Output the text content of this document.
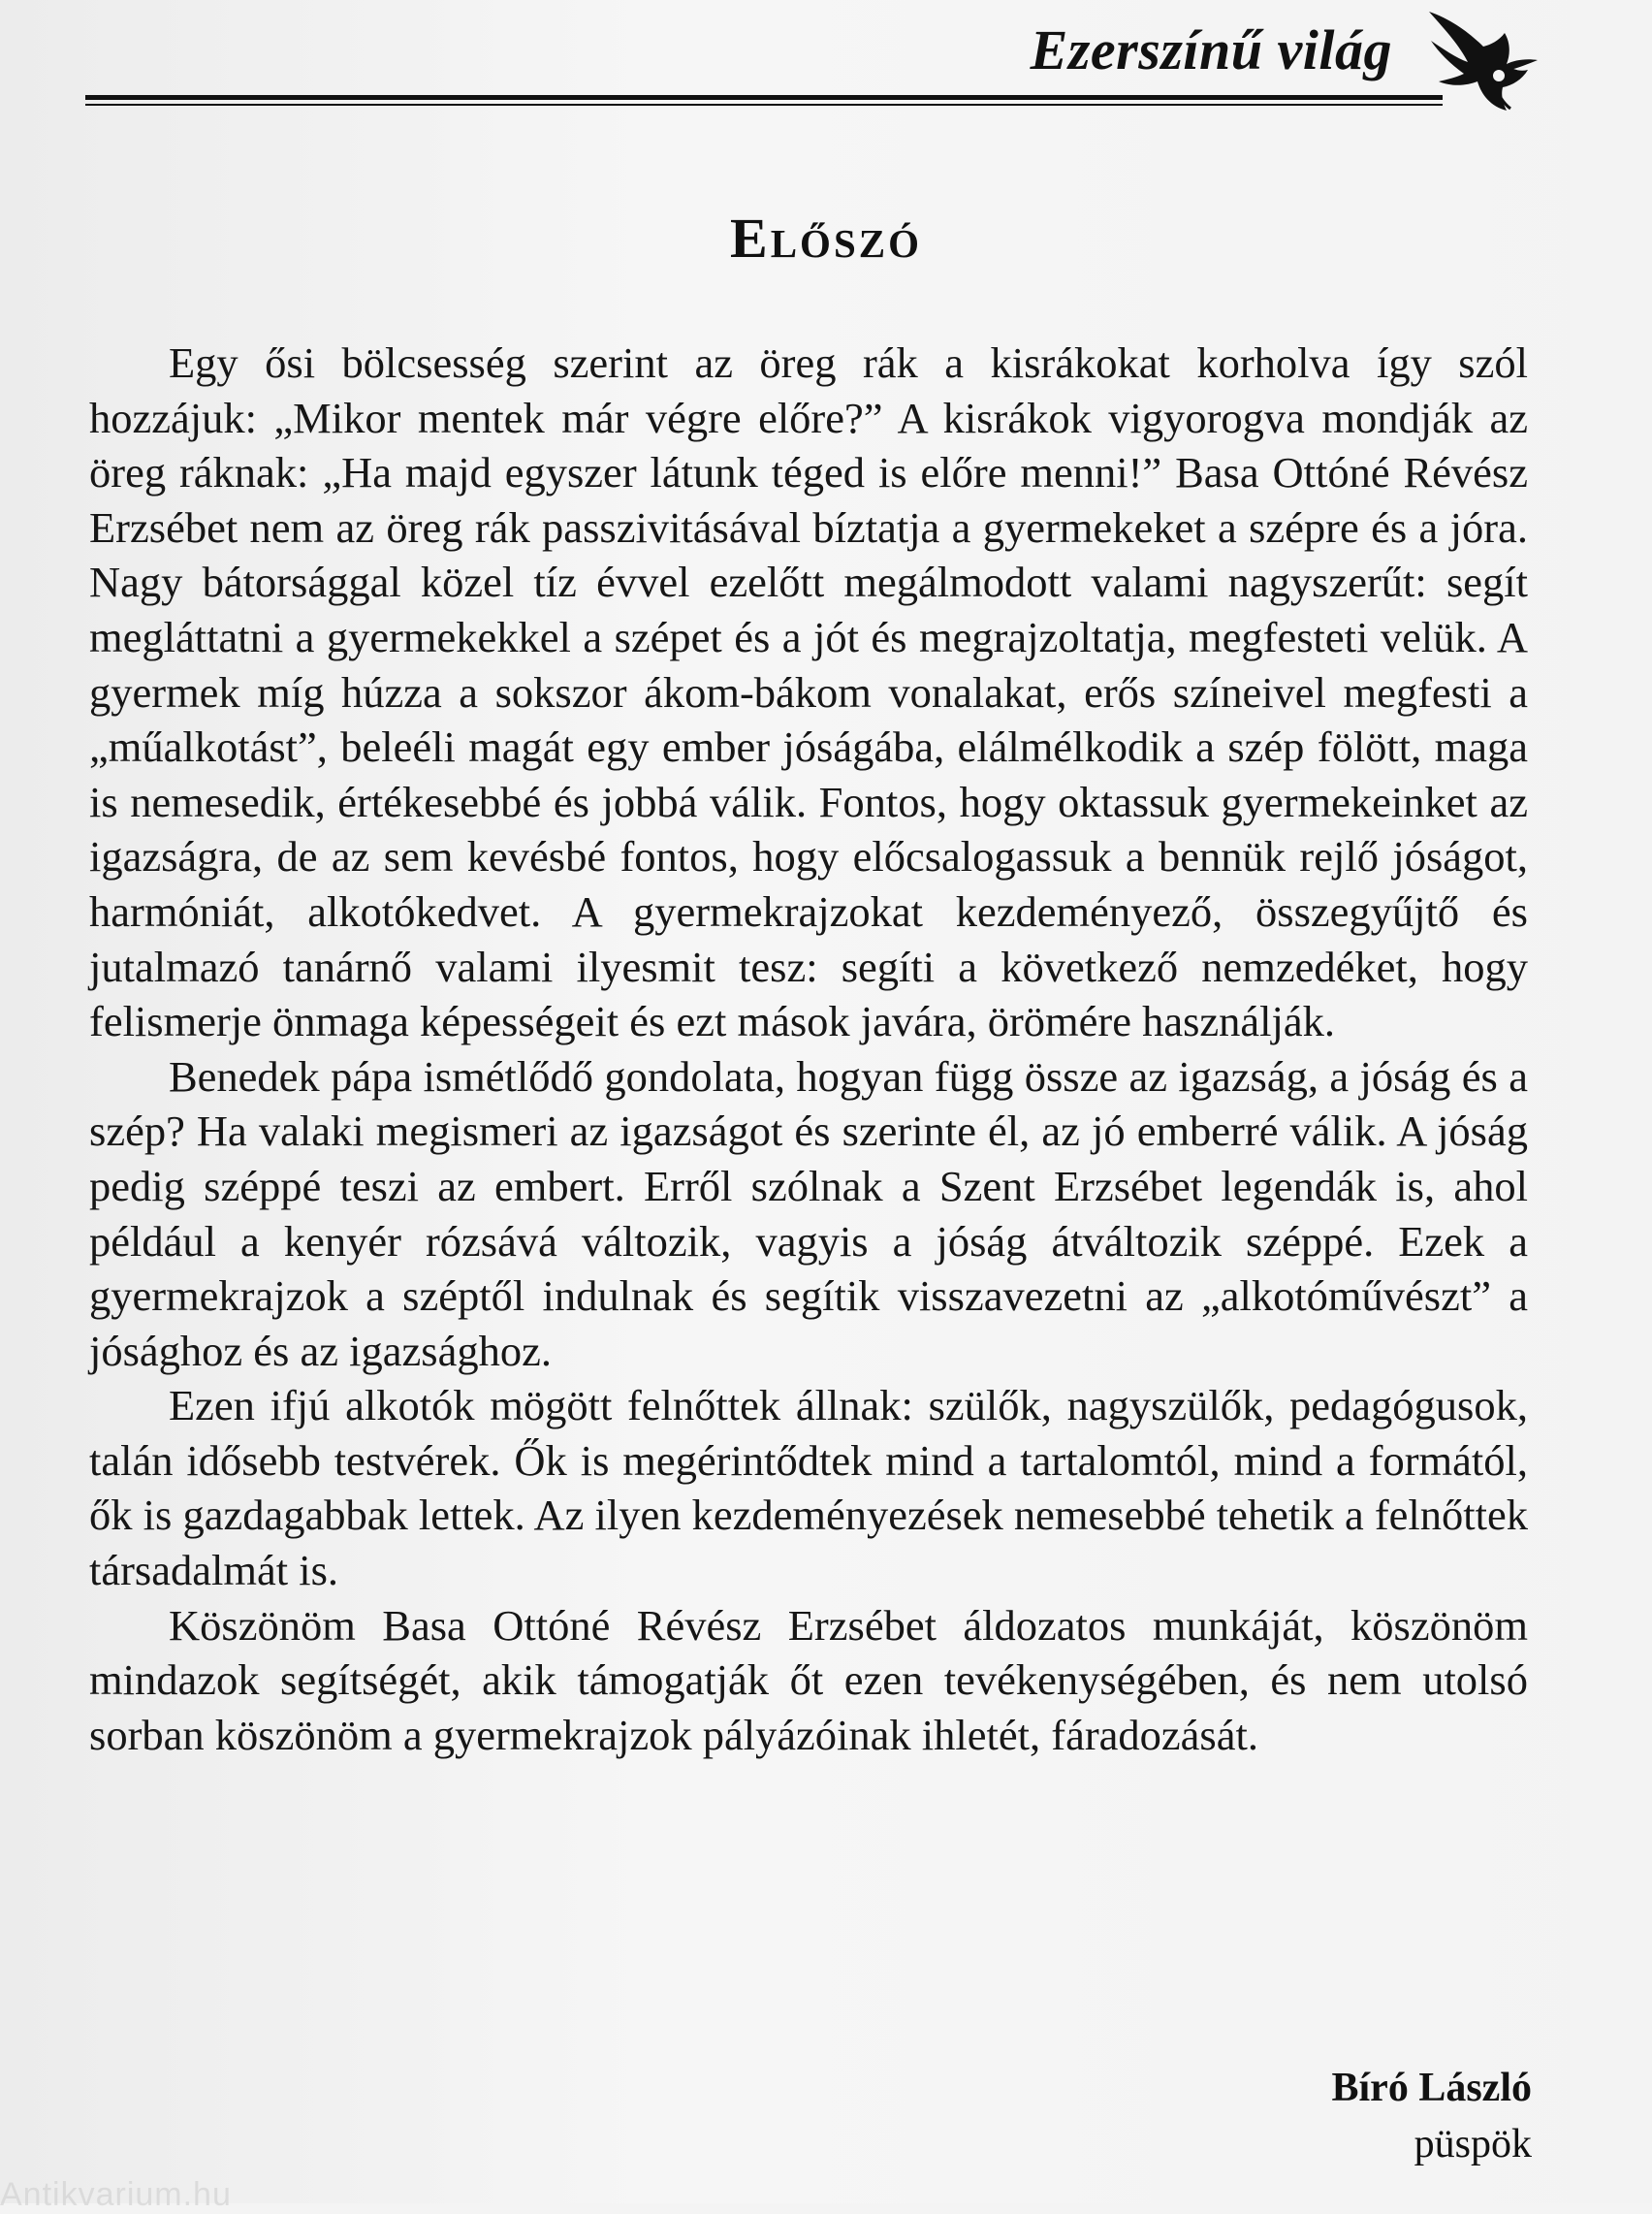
Ezerszínű világ
Előszó

Egy ősi bölcsesség szerint az öreg rák a kisrákokat korholva így szól hozzájuk: „Mikor mentek már végre előre?” A kisrákok vigyorogva mondják az öreg ráknak: „Ha majd egyszer látunk téged is előre menni!” Basa Ottóné Révész Erzsébet nem az öreg rák passzivitásával bíztatja a gyermekeket a szépre és a jóra. Nagy bátorsággal közel tíz évvel ezelőtt megálmodott valami nagyszerűt: segít megláttatni a gyermekekkel a szépet és a jót és megrajzoltatja, megfesteti velük. A gyermek míg húzza a sokszor ákom-bákom vonalakat, erős színeivel megfesti a „műalkotást”, beleéli magát egy ember jóságába, elálmélkodik a szép fölött, maga is nemesedik, értékesebbé és jobbá válik. Fontos, hogy oktassuk gyermekeinket az igazságra, de az sem kevésbé fontos, hogy előcsalogassuk a bennük rejlő jóságot, harmóniát, alkotókedvet. A gyermekrajzokat kezdeményező, összegyűjtő és jutalmazó tanárnő valami ilyesmit tesz: segíti a következő nemzedéket, hogy felismerje önmaga képességeit és ezt mások javára, örömére használják.

Benedek pápa ismétlődő gondolata, hogyan függ össze az igazság, a jóság és a szép? Ha valaki megismeri az igazságot és szerinte él, az jó emberré válik. A jóság pedig széppé teszi az embert. Erről szólnak a Szent Erzsébet legendák is, ahol például a kenyér rózsává változik, vagyis a jóság átváltozik széppé. Ezek a gyermekrajzok a széptől indulnak és segítik visszavezetni az „alkotóművészt” a jósághoz és az igazsághoz.

Ezen ifjú alkotók mögött felnőttek állnak: szülők, nagyszülők, pedagógusok, talán idősebb testvérek. Ők is megérintődtek mind a tartalomtól, mind a formától, ők is gazdagabbak lettek. Az ilyen kezdeményezések nemesebbé tehetik a felnőttek társadalmát is.

Köszönöm Basa Ottóné Révész Erzsébet áldozatos munkáját, köszönöm mindazok segítségét, akik támogatják őt ezen tevékenységében, és nem utolsó sorban köszönöm a gyermekrajzok pályázóinak ihletét, fáradozását.

Bíró László
püspök
Antikvarium.hu
